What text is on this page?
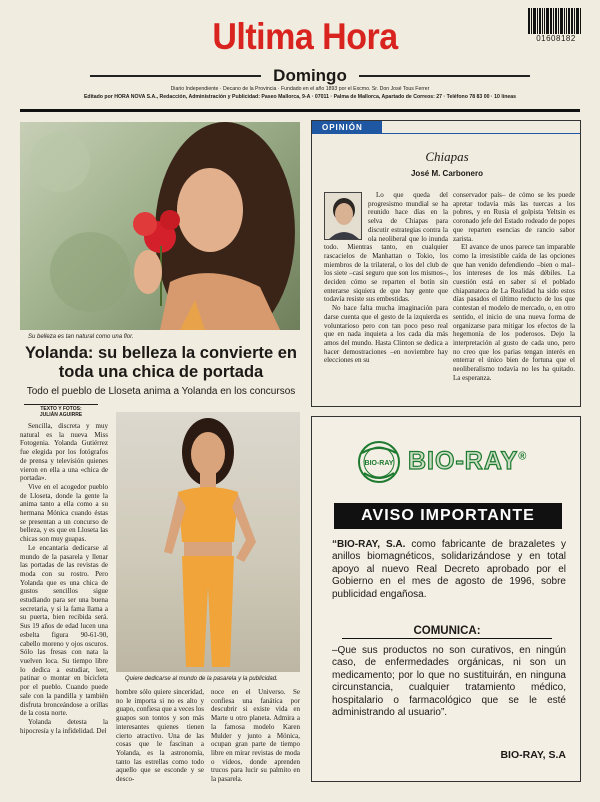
Ultima Hora	01608182
Domingo
Diario Independiente · Decano de la Provincia · Fundado en el año 1893 por el Excmo. Sr. Don José Tous Ferrer
Editado por HORA NOVA S.A., Redacción, Administración y Publicidad: Paseo Mallorca, 9-A · 07011 · Palma de Mallorca, Apartado de Correos: 27 · Teléfono 78 83 00 · 10 líneas
Su belleza es tan natural como una flor.
Yolanda: su belleza la convierte en toda una chica de portada
Todo el pueblo de Lloseta anima a Yolanda en los concursos
TEXTO Y FOTOS:
JULIÁN AGUIRRE

Sencilla, discreta y muy natural es la nueva Miss Fotogenia. Yolanda Gutiérrez fue elegida por los fotógrafos de prensa y televisión quienes vieron en ella a una «chica de portada».

Vive en el acogedor pueblo de Lloseta, donde la gente la anima tanto a ella como a su hermana Mónica cuando éstas se presentan a un concurso de belleza, y es que en Lloseta las chicas son muy guapas.

Le encantaría dedicarse al mundo de la pasarela y llenar las portadas de las revistas de moda con su rostro. Pero Yolanda que es una chica de gustos sencillos sigue estudiando para ser una buena secretaria, y si la fama llama a su puerta, bien recibida será. Sus 19 años de edad lucen una esbelta figura 90-61-90, cabello moreno y ojos oscuros. Sólo las fresas con nata la vuelven loca. Su tiempo libre lo dedica a estudiar, leer, patinar o montar en bicicleta por el pueblo. Cuando puede sale con la pandilla y también disfruta bronceándose a orillas de la costa norte.

Yolanda detesta la hipocresía y la infidelidad. Del

Quiere dedicarse al mundo de la pasarela y la publicidad.

hombre sólo quiere sinceridad, no le importa si no es alto y guapo, confiesa que a veces los guapos son tontos y son más interesantes quienes tienen cierto atractivo. Una de las cosas que le fascinan a Yolanda, es la astronomía, tanto las estrellas como todo aquello que se esconde y se desco-

noce en el Universo. Se confiesa una fanática por descubrir si existe vida en Marte u otro planeta. Admira a la famosa modelo Karen Mulder y junto a Mónica, ocupan gran parte de tiempo libre en mirar revistas de moda o vídeos, donde aprenden trucos para lucir su palmito en la pasarela.

OPINIÓN
Chiapas
José M. Carbonero

Lo que queda del progresismo mundial se ha reunido hace días en la selva de Chiapas para discutir estrategias contra la ola neoliberal que lo inunda todo. Mientras tanto, en cualquier rascacielos de Manhattan o Tokio, los miembros de la trilateral, o los del club de los siete –casi seguro que son los mismos–, deciden cómo se reparten el botín sin enterarse siquiera de que hay gente que todavía resiste sus embestidas.

No hace falta mucha imaginación para darse cuenta que el gesto de la izquierda es voluntarioso pero con tan poco peso real que en nada inquieta a los cada día más amos del mundo. Hasta Clinton se dedica a hacer demostraciones –en noviembre hay elecciones en su

conservador país– de cómo se les puede apretar todavía más las tuercas a los pobres, y en Rusia el golpista Yeltsin es coronado jefe del Estado rodeado de popes que reparten esencias de rancio sabor zarista.

El avance de unos parece tan imparable como la irresistible caída de las opciones que han venido defendiendo –bien o mal– los intereses de los más débiles. La cuestión está en saber si el poblado chiapanateca de La Realidad ha sido estos días pasados el último reducto de los que contestan el modelo de mercado, o, en otro sentido, el inicio de una nueva forma de organizarse para mitigar los efectos de la hegemonía de los poderosos. Dejo la interpretación al gusto de cada uno, pero no creo que los parias tengan interés en enterrar el único bien de fortuna que el neoliberalismo todavía no les ha quitado. La esperanza.

BIO-RAY BIO-RAY®
AVISO IMPORTANTE
“BIO-RAY, S.A. como fabricante de brazaletes y anillos biomagnéticos, solidarizándose y en total apoyo al nuevo Real Decreto aprobado por el Gobierno en el mes de agosto de 1996, sobre publicidad engañosa.
COMUNICA:
–Que sus productos no son curativos, en ningún caso, de enfermedades orgánicas, ni son un medicamento; por lo que no sustituirán, en ninguna circunstancia, cualquier tratamiento médico, hospitalario o farmacológico que se le esté administrando al usuario”.
BIO-RAY, S.A
